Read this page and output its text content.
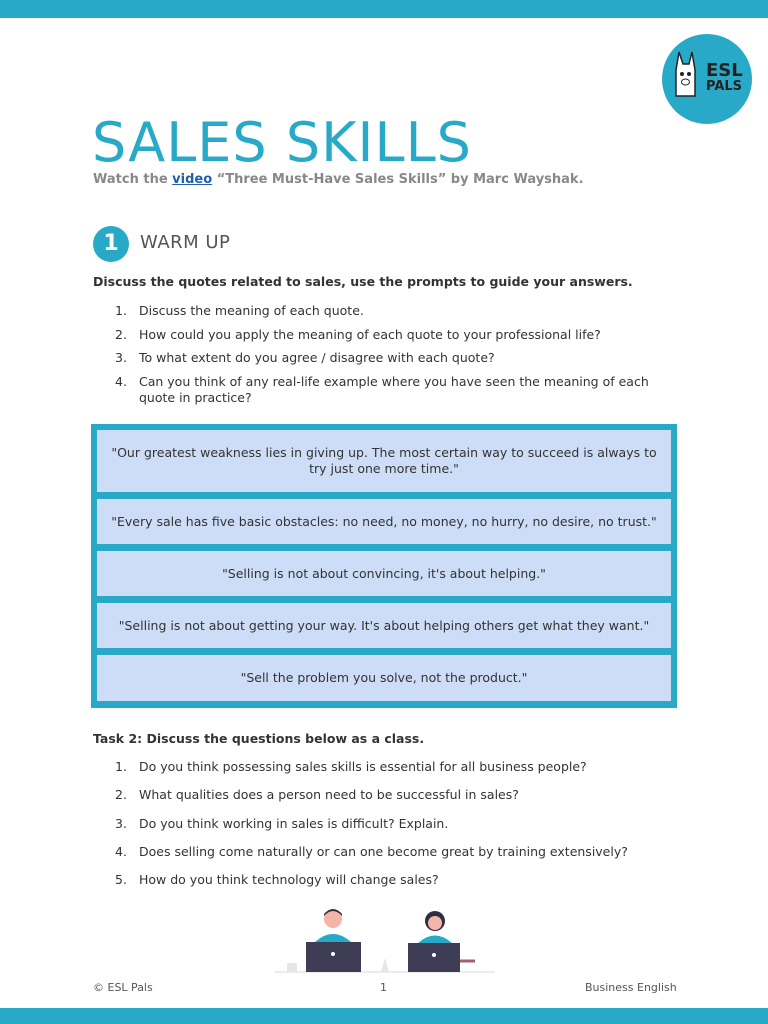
ESL
PALS
SALES SKILLS
Watch the video “Three Must-Have Sales Skills” by Marc Wayshak.
1	WARM UP
Discuss the quotes related to sales, use the prompts to guide your answers.
1. Discuss the meaning of each quote.
2. How could you apply the meaning of each quote to your professional life?
3. To what extent do you agree / disagree with each quote?
4. Can you think of any real-life example where you have seen the meaning of each quote in practice?
"Our greatest weakness lies in giving up. The most certain way to succeed is always to try just one more time."
"Every sale has five basic obstacles: no need, no money, no hurry, no desire, no trust."
"Selling is not about convincing, it's about helping."
"Selling is not about getting your way. It's about helping others get what they want."
"Sell the problem you solve, not the product."
Task 2: Discuss the questions below as a class.
1. Do you think possessing sales skills is essential for all business people?
2. What qualities does a person need to be successful in sales?
3. Do you think working in sales is difficult? Explain.
4. Does selling come naturally or can one become great by training extensively?
5. How do you think technology will change sales?
© ESL Pals	1	Business English
